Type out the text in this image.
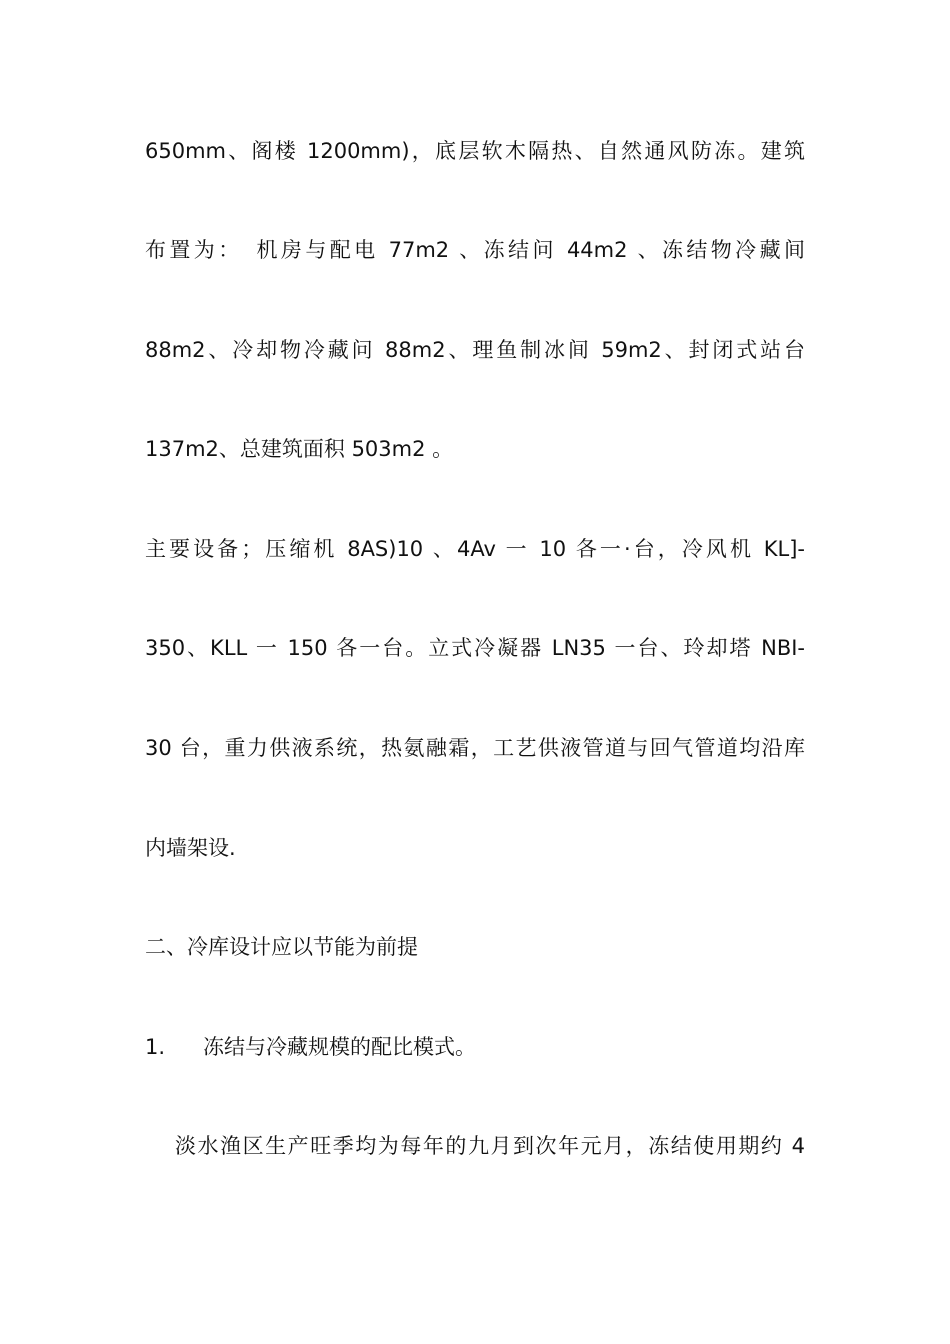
650mm、阁楼 1200mm)，底层软木隔热、自然通风防冻。建筑
布置为：　机房与配电 77m2 、冻结问 44m2 、冻结物冷藏间
88m2、冷却物冷藏问 88m2、理鱼制冰间 59m2、封闭式站台
137m2、总建筑面积 503m2 。
主要设备；压缩机 8AS)10 、4Av 一 10 各一·台，冷风机 KL]-
350、KLL 一 150 各一台。立式冷凝器 LN35 一台、玲却塔 NBI-
30 台，重力供液系统，热氨融霜，工艺供液管道与回气管道均沿库
内墙架设.
二、冷库设计应以节能为前提
1. 冻结与冷藏规模的配比模式。
淡水渔区生产旺季均为每年的九月到次年元月，冻结使用期约 4
